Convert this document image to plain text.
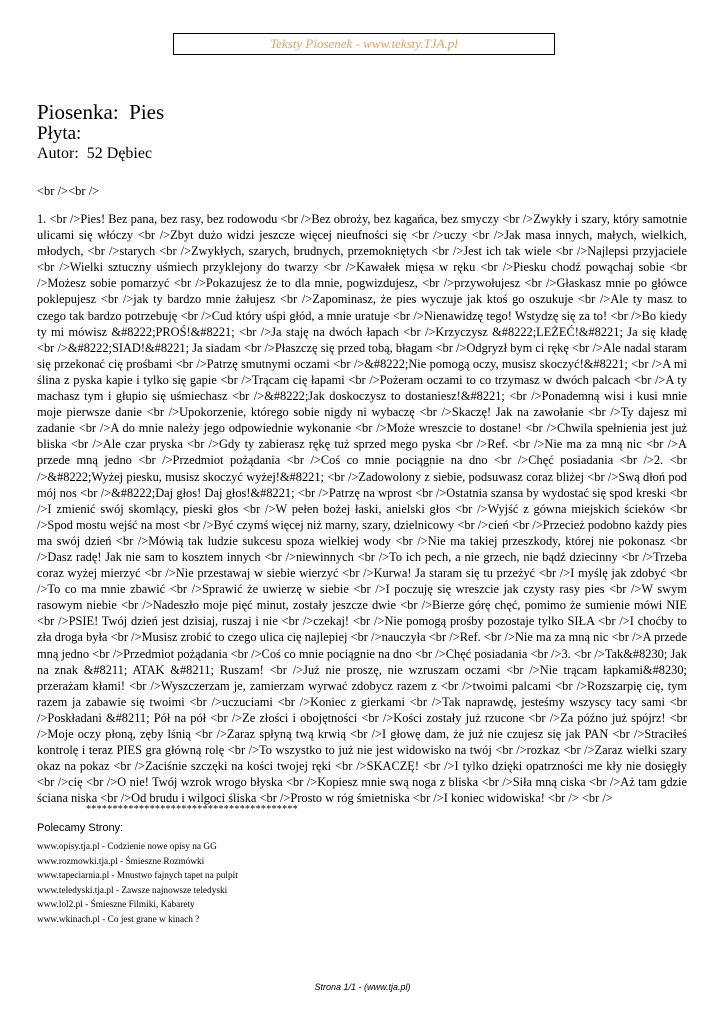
Teksty Piosenek - www.teksty.TJA.pl

Piosenka:  Pies

Płyta:

Autor:  52 Dębiec

<br /><br />

1. <br />Pies! Bez pana, bez rasy, bez rodowodu <br />Bez obroży, bez kagańca, bez smyczy <br />Zwykły i szary, który samotnie ulicami się włóczy <br />Zbyt dużo widzi jeszcze więcej nieufności się <br />uczy <br />Jak masa innych, małych, wielkich, młodych, <br />starych <br />Zwykłych, szarych, brudnych, przemokniętych <br />Jest ich tak wiele <br />Najlepsi przyjaciele <br />Wielki sztuczny uśmiech przyklejony do twarzy <br />Kawałek mięsa w ręku <br />Piesku chodź powąchaj sobie <br />Możesz sobie pomarzyć <br />Pokazujesz że to dla mnie, pogwizdujesz, <br />przywołujesz <br />Głaskasz mnie po główce poklepujesz <br />jak ty bardzo mnie żałujesz <br />Zapominasz, że pies wyczuje jak ktoś go oszukuje <br />Ale ty masz to czego tak bardzo potrzebuję <br />Cud który uśpi głód, a mnie uratuje <br />Nienawidzę tego! Wstydzę się za to! <br />Bo kiedy ty mi mówisz &#8222;PROŚ!&#8221; <br />Ja staję na dwóch łapach <br />Krzyczysz &#8222;LEŻEĆ!&#8221; Ja się kładę <br />&#8222;SIAD!&#8221; Ja siadam <br />Płaszczę się przed tobą, błagam <br />Odgryzł bym ci rękę <br />Ale nadal staram się przekonać cię prośbami <br />Patrzę smutnymi oczami <br />&#8222;Nie pomogą oczy, musisz skoczyć!&#8221; <br />A mi ślina z pyska kapie i tylko się gapie <br />Trącam cię łapami <br />Pożeram oczami to co trzymasz w dwóch palcach <br />A ty machasz tym i głupio się uśmiechasz <br />&#8222;Jak doskoczysz to dostaniesz!&#8221; <br />Ponademną wisi i kusi mnie moje pierwsze danie <br />Upokorzenie, którego sobie nigdy ni wybaczę <br />Skaczę! Jak na zawołanie <br />Ty dajesz mi zadanie <br />A do mnie należy jego odpowiednie wykonanie <br />Może wreszcie to dostane! <br />Chwila spełnienia jest już bliska <br />Ale czar pryska <br />Gdy ty zabierasz rękę tuż sprzed mego pyska <br />Ref. <br />Nie ma za mną nic <br />A przede mną jedno <br />Przedmiot pożądania <br />Coś co mnie pociągnie na dno <br />Chęć posiadania <br />2. <br />&#8222;Wyżej piesku, musisz skoczyć wyżej!&#8221; <br />Zadowolony z siebie, podsuwasz coraz bliżej <br />Swą dłoń pod mój nos <br />&#8222;Daj głos! Daj głos!&#8221; <br />Patrzę na wprost <br />Ostatnia szansa by wydostać się spod kreski <br />I zmienić swój skomlący, pieski głos <br />W pełen bożej łaski, anielski głos <br />Wyjść z gówna miejskich ścieków <br />Spod mostu wejść na most <br />Być czymś więcej niż marny, szary, dzielnicowy <br />cień <br />Przecież podobno każdy pies ma swój dzień <br />Mówią tak ludzie sukcesu spoza wielkiej wody <br />Nie ma takiej przeszkody, której nie pokonasz <br />Dasz radę! Jak nie sam to kosztem innych <br />niewinnych <br />To ich pech, a nie grzech, nie bądź dziecinny <br />Trzeba coraz wyżej mierzyć <br />Nie przestawaj w siebie wierzyć <br />Kurwa! Ja staram się tu przeżyć <br />I myślę jak zdobyć <br />To co ma mnie zbawić <br />Sprawić że uwierzę w siebie <br />I poczuję się wreszcie jak czysty rasy pies <br />W swym rasowym niebie <br />Nadeszło moje pięć minut, zostały jeszcze dwie <br />Bierze górę chęć, pomimo że sumienie mówi NIE <br />PSIE! Twój dzień jest dzisiaj, ruszaj i nie <br />czekaj! <br />Nie pomogą prośby pozostaje tylko SIŁA <br />I choćby to zła droga była <br />Musisz zrobić to czego ulica cię najlepiej <br />nauczyła <br />Ref. <br />Nie ma za mną nic <br />A przede mną jedno <br />Przedmiot pożądania <br />Coś co mnie pociągnie na dno <br />Chęć posiadania <br />3. <br />Tak&#8230; Jak na znak &#8211; ATAK &#8211; Ruszam! <br />Już nie proszę, nie wzruszam oczami <br />Nie trącam łapkami&#8230; przerażam kłami! <br />Wyszczerzam je, zamierzam wyrwać zdobycz razem z <br />twoimi palcami <br />Rozszarpię cię, tym razem ja zabawie się twoimi <br />uczuciami <br />Koniec z gierkami <br />Tak naprawdę, jesteśmy wszyscy tacy sami <br />Poskładani &#8211; Pół na pół <br />Ze złości i obojętności <br />Kości zostały już rzucone <br />Za późno już spójrz! <br />Moje oczy płoną, zęby lśnią <br />Zaraz spłyną twą krwią <br />I głowę dam, że już nie czujesz się jak PAN <br />Straciłeś kontrolę i teraz PIES gra główną rolę <br />To wszystko to już nie jest widowisko na twój <br />rozkaz <br />Zaraz wielki szary okaz na pokaz <br />Zaciśnie szczęki na kości twojej ręki <br />SKACZĘ! <br />I tylko dzięki opatrzności me kły nie dosięgły <br />cię <br />O nie! Twój wzrok wrogo błyska <br />Kopiesz mnie swą noga z bliska <br />Siła mną ciska <br />Aż tam gdzie ściana niska <br />Od brudu i wilgoci śliska <br />Prosto w róg śmietniska <br />I koniec widowiska! <br /> <br />

****************************************
Polecamy Strony:
www.opisy.tja.pl - Codzienie nowe opisy na GG
www.rozmowki.tja.pl - Śmieszne Rozmówki
www.tapeciarnia.pl - Mnustwo fajnych tapet na pulpit
www.teledyski.tja.pl - Zawsze najnowsze teledyski
www.lol2.pl - Śmieszne Filmiki, Kabarety
www.wkinach.pl - Co jest grane w kinach ?
Strona 1/1 - (www.tja.pl)
